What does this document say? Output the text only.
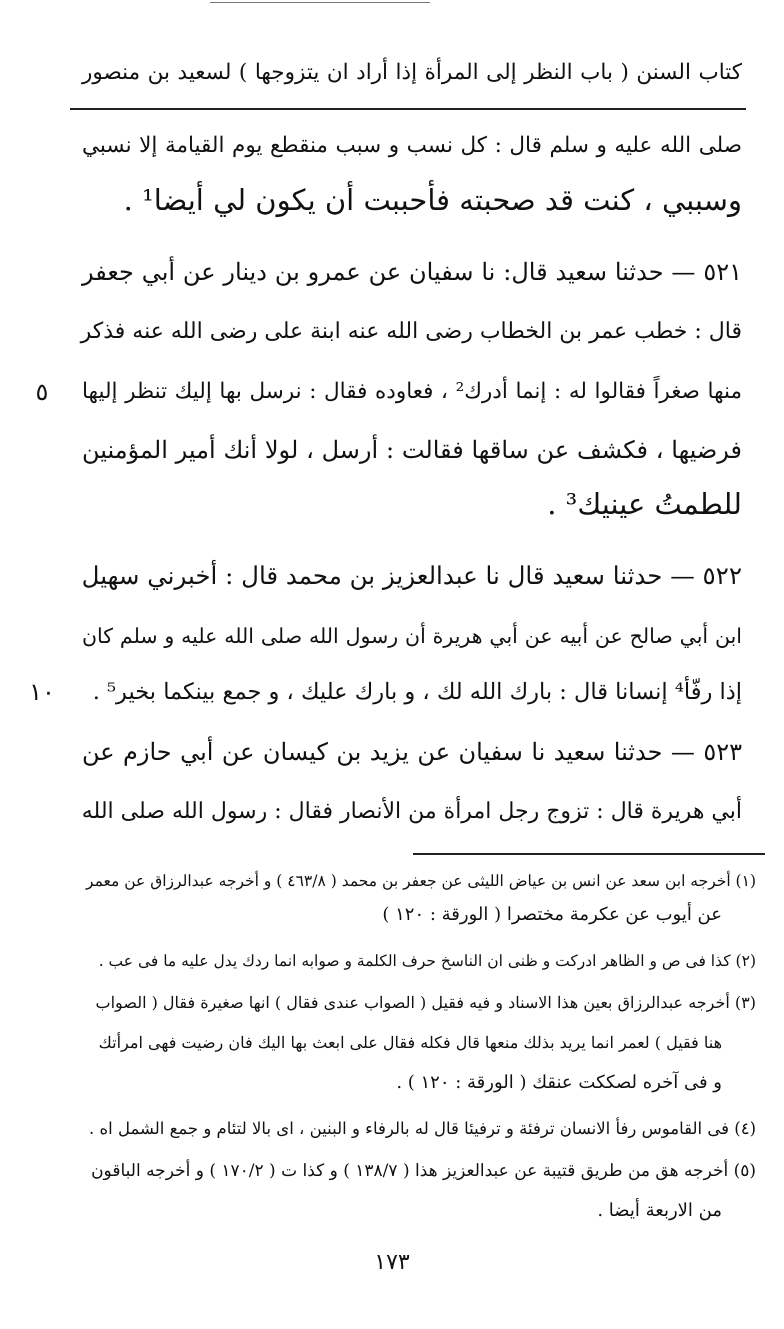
كتاب السنن ( باب النظر إلى المرأة إذا أراد ان يتزوجها ) لسعيد بن منصور
صلى الله عليه و سلم قال : كل نسب و سبب منقطع يوم القيامة إلا نسبي
وسببي ، كنت قد صحبته فأحببت أن يكون لي أيضا¹ .
٥٢١ — حدثنا سعيد قال: نا سفيان عن عمرو بن دينار عن أبي جعفر
قال : خطب عمر بن الخطاب رضى الله عنه ابنة على رضى الله عنه فذكر
منها صغراً فقالوا له : إنما أدرك² ، فعاوده فقال : نرسل بها إليك تنظر إليها
فرضيها ، فكشف عن ساقها فقالت : أرسل ، لولا أنك أمير المؤمنين
للطمتُ عينيك³ .
٥٢٢ — حدثنا سعيد قال نا عبدالعزيز بن محمد قال : أخبرني سهيل
ابن أبي صالح عن أبيه عن أبي هريرة أن رسول الله صلى الله عليه و سلم كان
إذا رفّأ⁴ إنسانا قال : بارك الله لك ، و بارك عليك ، و جمع بينكما بخير⁵ .
٥٢٣ — حدثنا سعيد نا سفيان عن يزيد بن كيسان عن أبي حازم عن
أبي هريرة قال : تزوج رجل امرأة من الأنصار فقال : رسول الله صلى الله
٥
١٠
(١) أخرجه ابن سعد عن انس بن عياض الليثى عن جعفر بن محمد ( ٤٦٣/٨ ) و أخرجه عبدالرزاق عن معمر
عن أيوب عن عكرمة مختصرا ( الورقة : ١٢٠ )
(٢) كذا فى ص و الظاهر ادركت و ظنى ان الناسخ حرف الكلمة و صوابه انما ردك يدل عليه ما فى عب .
(٣) أخرجه عبدالرزاق بعين هذا الاسناد و فيه فقيل ( الصواب عندى فقال ) انها صغيرة فقال ( الصواب
هنا فقيل ) لعمر انما يريد بذلك منعها قال فكله فقال على ابعث بها اليك فان رضيت فهى امرأتك
و فى آخره لصككت عنقك ( الورقة : ١٢٠ ) .
(٤) فى القاموس رفأ الانسان ترفئة و ترفيئا قال له بالرفاء و البنين ، اى بالا لتئام و جمع الشمل اه .
(٥) أخرجه هق من طريق قتيبة عن عبدالعزيز هذا ( ١٣٨/٧ ) و كذا ت ( ١٧٠/٢ ) و أخرجه الباقون
من الاربعة أيضا .
١٧٣
